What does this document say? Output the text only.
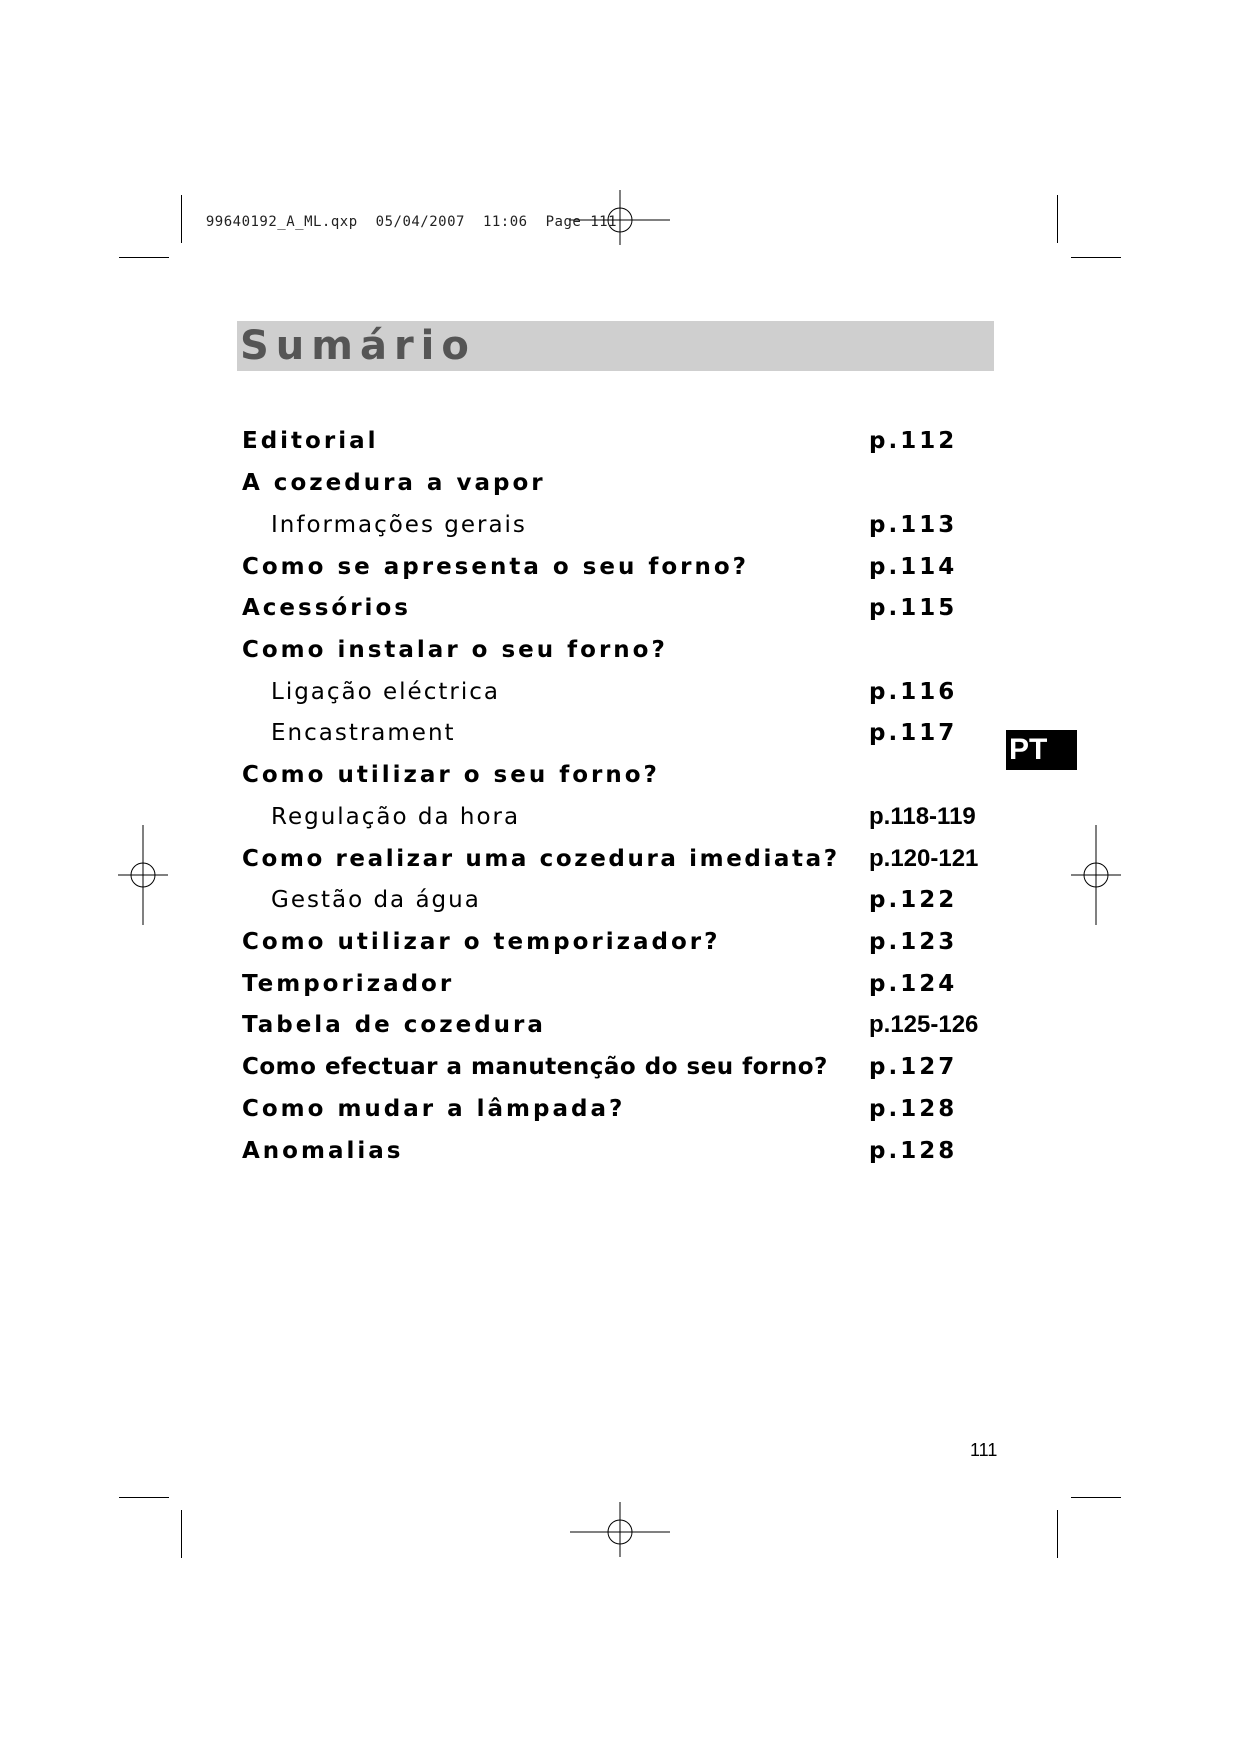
99640192_A_ML.qxp 05/04/2007 11:06 Page 111

Sumário
Editorial	p.112
A cozedura a vapor
Informações gerais	p.113
Como se apresenta o seu forno?	p.114
Acessórios	p.115
Como instalar o seu forno?
Ligação eléctrica	p.116
Encastrament	p.117
Como utilizar o seu forno?
Regulação da hora	p.118-119
Como realizar uma cozedura imediata? p.120-121
Gestão da água	p.122
Como utilizar o temporizador?	p.123
Temporizador	p.124
Tabela de cozedura	p.125-126
Como efectuar a manutenção do seu forno? p.127
Como mudar a lâmpada?	p.128
Anomalias	p.128
PT
111
